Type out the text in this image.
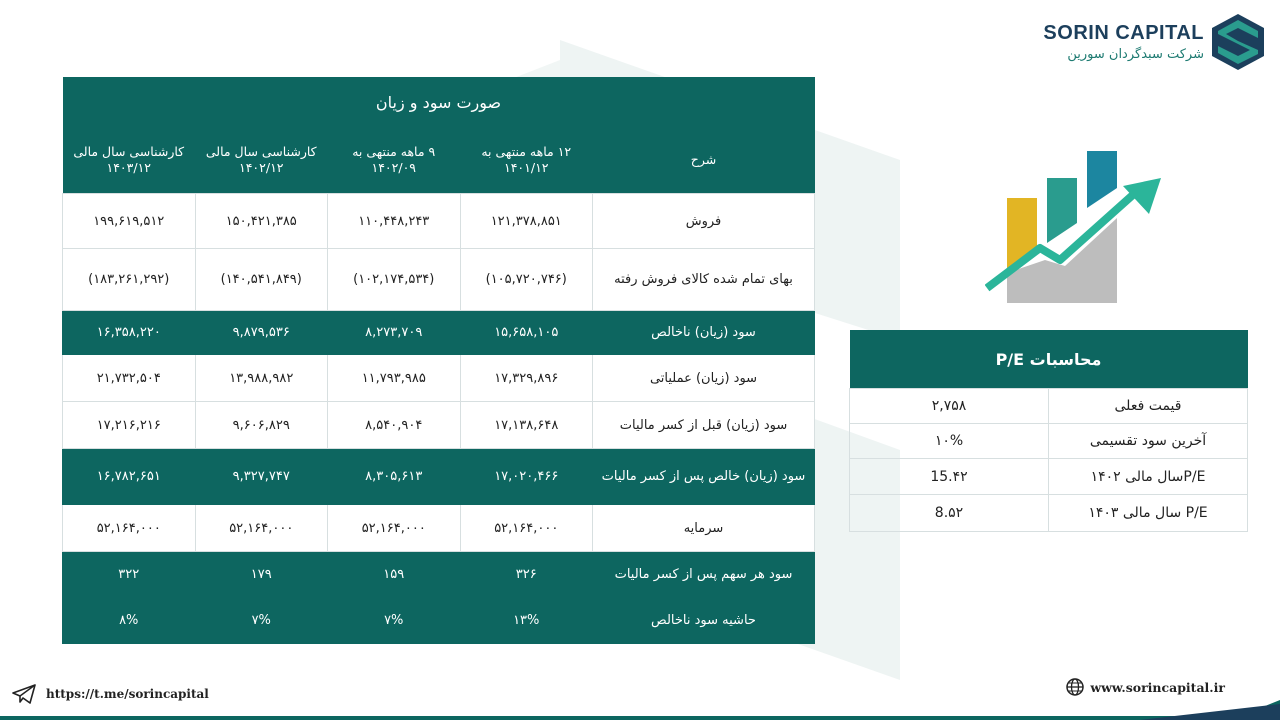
SORIN CAPITAL
شرکت سبدگردان سورین
صورت سود و زیان				
شرح	۱۲ ماهه منتهی به ۱۴۰۱/۱۲	۹ ماهه منتهی به ۱۴۰۲/۰۹	کارشناسی سال مالی ۱۴۰۲/۱۲	کارشناسی سال مالی ۱۴۰۳/۱۲
فروش	۱۲۱,۳۷۸,۸۵۱	۱۱۰,۴۴۸,۲۴۳	۱۵۰,۴۲۱,۳۸۵	۱۹۹,۶۱۹,۵۱۲
بهای تمام شده کالای فروش رفته	(۱۰۵,۷۲۰,۷۴۶)	(۱۰۲,۱۷۴,۵۳۴)	(۱۴۰,۵۴۱,۸۴۹)	(۱۸۳,۲۶۱,۲۹۲)
سود (زیان) ناخالص	۱۵,۶۵۸,۱۰۵	۸,۲۷۳,۷۰۹	۹,۸۷۹,۵۳۶	۱۶,۳۵۸,۲۲۰
سود (زیان) عملیاتی	۱۷,۳۲۹,۸۹۶	۱۱,۷۹۳,۹۸۵	۱۳,۹۸۸,۹۸۲	۲۱,۷۳۲,۵۰۴
سود (زیان) قبل از کسر مالیات	۱۷,۱۳۸,۶۴۸	۸,۵۴۰,۹۰۴	۹,۶۰۶,۸۲۹	۱۷,۲۱۶,۲۱۶
سود (زیان) خالص پس از کسر مالیات	۱۷,۰۲۰,۴۶۶	۸,۳۰۵,۶۱۳	۹,۳۲۷,۷۴۷	۱۶,۷۸۲,۶۵۱
سرمایه	۵۲,۱۶۴,۰۰۰	۵۲,۱۶۴,۰۰۰	۵۲,۱۶۴,۰۰۰	۵۲,۱۶۴,۰۰۰
سود هر سهم پس از کسر مالیات	۳۲۶	۱۵۹	۱۷۹	۳۲۲
حاشیه سود ناخالص	۱۳%	۷%	۷%	۸%
محاسبات P/E	
قیمت فعلی	۲,۷۵۸
آخرین سود تقسیمی	۱۰%
P/Eسال مالی ۱۴۰۲	15.۴۲
P/E سال مالی ۱۴۰۳	8.۵۲
https://t.me/sorincapital	www.sorincapital.ir
